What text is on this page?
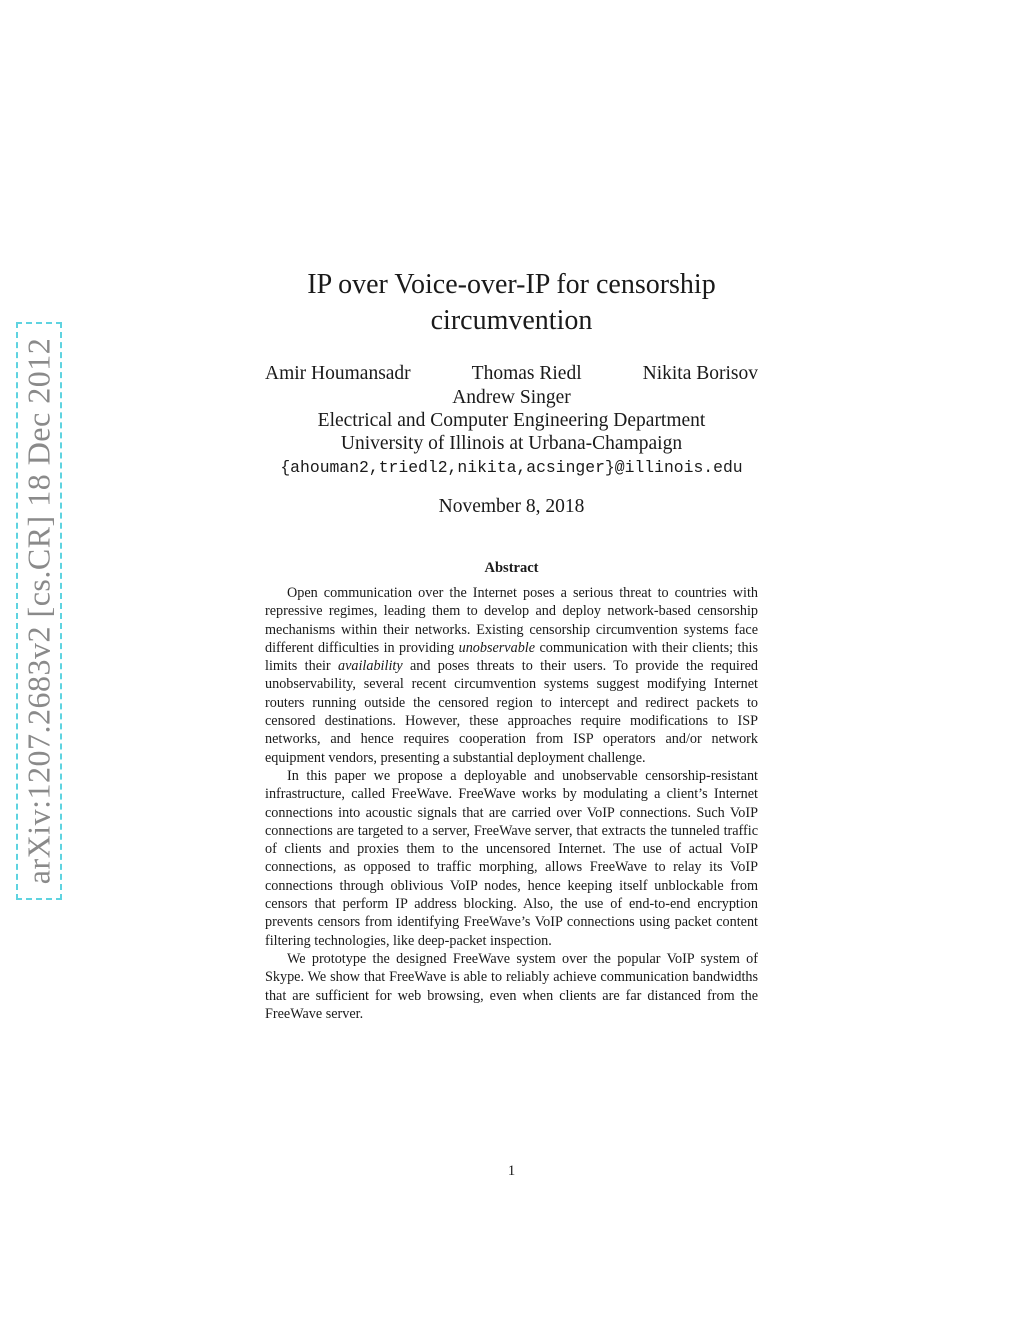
arXiv:1207.2683v2 [cs.CR] 18 Dec 2012
IP over Voice-over-IP for censorship
circumvention
Amir Houmansadr	Thomas Riedl	Nikita Borisov
Andrew Singer
Electrical and Computer Engineering Department
University of Illinois at Urbana-Champaign
{ahouman2,triedl2,nikita,acsinger}@illinois.edu
November 8, 2018
Abstract

Open communication over the Internet poses a serious threat to countries with repressive regimes, leading them to develop and deploy network-based censorship mechanisms within their networks. Existing censorship circumvention systems face different difficulties in providing unobservable communication with their clients; this limits their availability and poses threats to their users. To provide the required unobservability, several recent circumvention systems suggest modifying Internet routers running outside the censored region to intercept and redirect packets to censored destinations. However, these approaches require modifications to ISP networks, and hence requires cooperation from ISP operators and/or network equipment vendors, presenting a substantial deployment challenge.

In this paper we propose a deployable and unobservable censorship-resistant infrastructure, called FreeWave. FreeWave works by modulating a client’s Internet connections into acoustic signals that are carried over VoIP connections. Such VoIP connections are targeted to a server, FreeWave server, that extracts the tunneled traffic of clients and proxies them to the uncensored Internet. The use of actual VoIP connections, as opposed to traffic morphing, allows FreeWave to relay its VoIP connections through oblivious VoIP nodes, hence keeping itself unblockable from censors that perform IP address blocking. Also, the use of end-to-end encryption prevents censors from identifying FreeWave’s VoIP connections using packet content filtering technologies, like deep-packet inspection.

We prototype the designed FreeWave system over the popular VoIP system of Skype. We show that FreeWave is able to reliably achieve communication bandwidths that are sufficient for web browsing, even when clients are far distanced from the FreeWave server.

1
